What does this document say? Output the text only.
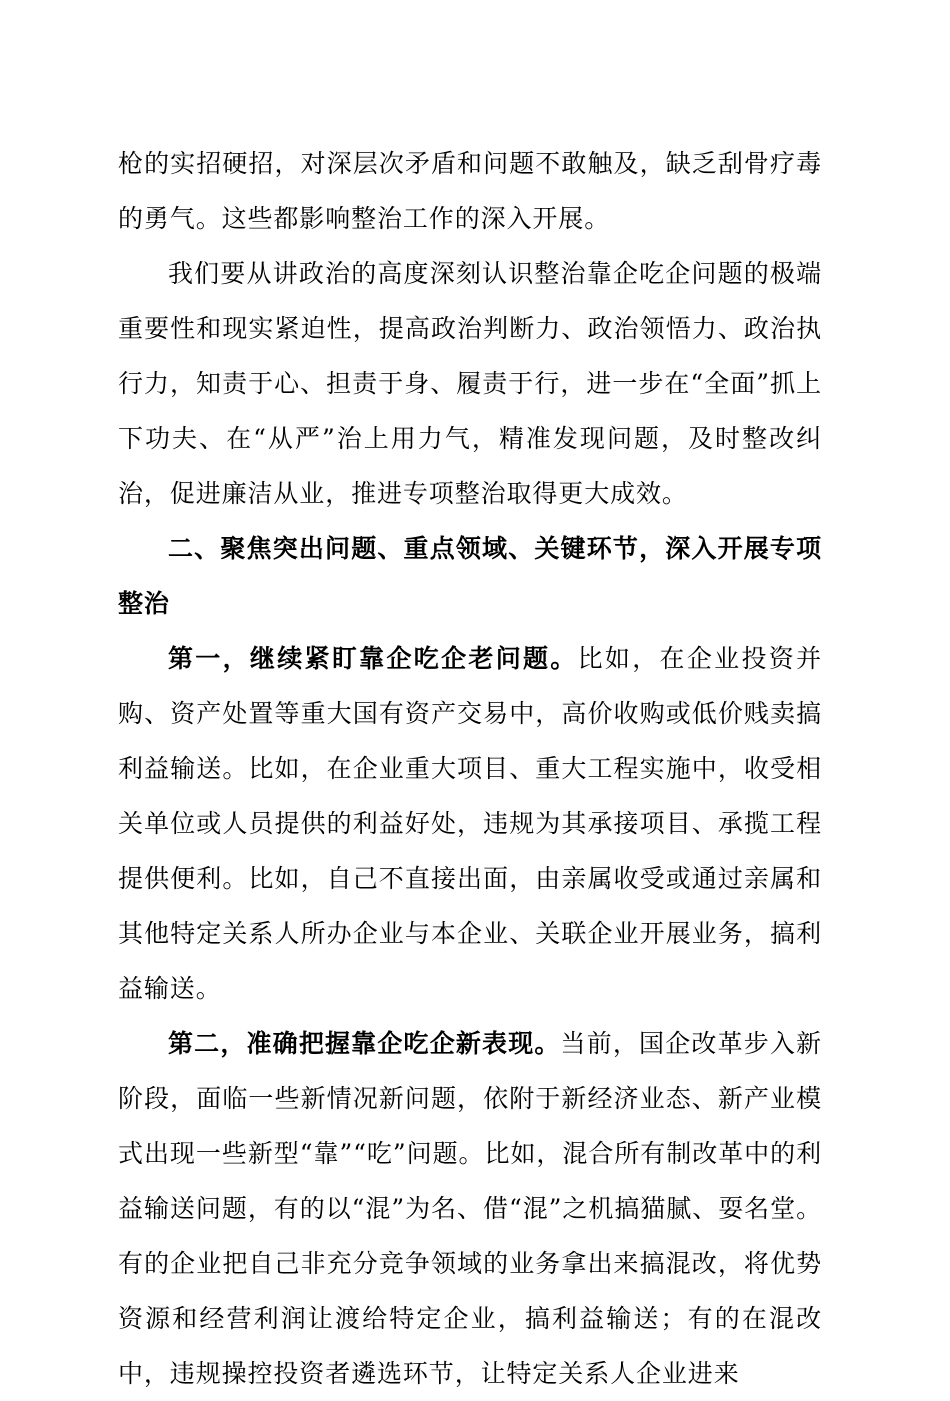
枪的实招硬招，对深层次矛盾和问题不敢触及，缺乏刮骨疗毒的勇气。这些都影响整治工作的深入开展。

我们要从讲政治的高度深刻认识整治靠企吃企问题的极端重要性和现实紧迫性，提高政治判断力、政治领悟力、政治执行力，知责于心、担责于身、履责于行，进一步在“全面”抓上下功夫、在“从严”治上用力气，精准发现问题，及时整改纠治，促进廉洁从业，推进专项整治取得更大成效。

二、聚焦突出问题、重点领域、关键环节，深入开展专项整治

第一，继续紧盯靠企吃企老问题。比如，在企业投资并购、资产处置等重大国有资产交易中，高价收购或低价贱卖搞利益输送。比如，在企业重大项目、重大工程实施中，收受相关单位或人员提供的利益好处，违规为其承接项目、承揽工程提供便利。比如，自己不直接出面，由亲属收受或通过亲属和其他特定关系人所办企业与本企业、关联企业开展业务，搞利益输送。

第二，准确把握靠企吃企新表现。当前，国企改革步入新阶段，面临一些新情况新问题，依附于新经济业态、新产业模式出现一些新型“靠”“吃”问题。比如，混合所有制改革中的利益输送问题，有的以“混”为名、借“混”之机搞猫腻、耍名堂。有的企业把自己非充分竞争领域的业务拿出来搞混改，将优势资源和经营利润让渡给特定企业，搞利益输送；有的在混改中，违规操控投资者遴选环节，让特定关系人企业进来
